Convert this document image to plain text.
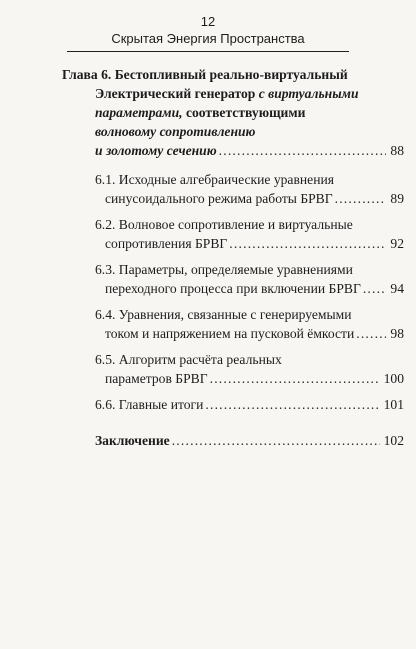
12
Скрытая Энергия Пространства
Глава 6. Бестопливный реально-виртуальный
Электрический генератор с виртуальными
параметрами, соответствующими
волновому сопротивлению
и золотому сечению .....	88
6.1. Исходные алгебраические уравнения
синусоидального режима работы БРВГ .....	89
6.2. Волновое сопротивление и виртуальные
сопротивления БРВГ .....	92
6.3. Параметры, определяемые уравнениями
переходного процесса при включении БРВГ ..... 94
6.4. Уравнения, связанные с генерируемыми
током и напряжением на пусковой ёмкости .....	98
6.5. Алгоритм расчёта реальных
параметров БРВГ .....	100
6.6. Главные итоги .....	101
Заключение .....	102
